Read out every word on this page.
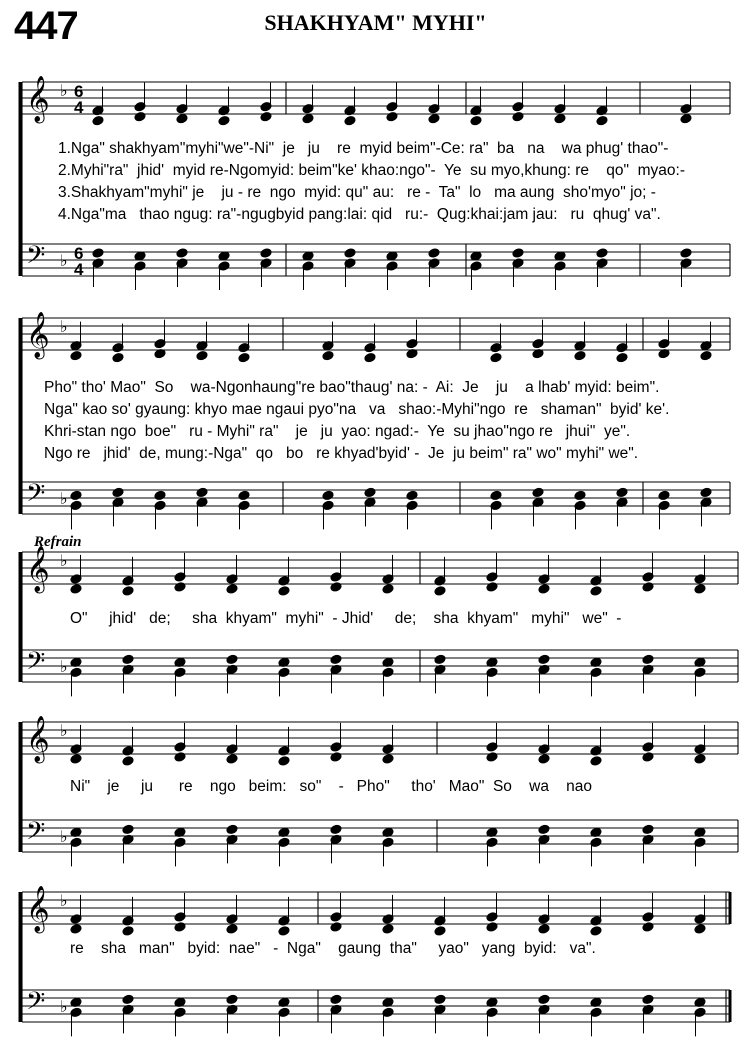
447	SHAKHYAM" MYHI"
Refrain
𝄞
𝄢
♭
♭
6
4
6
4
𝄞
𝄢
♭
♭
𝄞
𝄢
♭
♭
𝄞
𝄢
♭
♭
𝄞
𝄢
♭
♭
1.Nga" shakhyam"myhi"we"-Ni"  je   ju    re  myid beim"-Ce: ra"  ba   na    wa phug' thao"-
2.Myhi"ra"  jhid'  myid re-Ngomyid: beim"ke' khao:ngo"-  Ye  su myo,khung: re    qo"  myao:-
3.Shakhyam"myhi" je    ju - re  ngo  myid: qu" au:   re -  Ta"  lo   ma aung  sho'myo" jo; -
4.Nga"ma   thao ngug: ra"-ngugbyid pang:lai: qid   ru:-  Qug:khai:jam jau:   ru  qhug' va".
Pho" tho' Mao"  So    wa-Ngonhaung"re bao"thaug' na: -  Ai:  Je    ju    a lhab' myid: beim".
Nga" kao so' gyaung: khyo mae ngaui pyo"na   va   shao:-Myhi"ngo  re   shaman"  byid' ke'.
Khri-stan ngo  boe"   ru - Myhi" ra"    je   ju  yao: ngad:-  Ye  su jhao"ngo re   jhui"  ye".
Ngo re   jhid'  de, mung:-Nga"  qo   bo   re khyad'byid' -  Je  ju beim" ra" wo" myhi" we".
O"     jhid'   de;     sha  khyam"  myhi"  - Jhid'     de;    sha  khyam"   myhi"   we"  -
Ni"    je     ju      re    ngo   beim:   so"    -   Pho"     tho'   Mao"  So    wa    nao
re    sha   man"   byid:  nae"   -  Nga"    gaung  tha"     yao"   yang  byid:   va".
